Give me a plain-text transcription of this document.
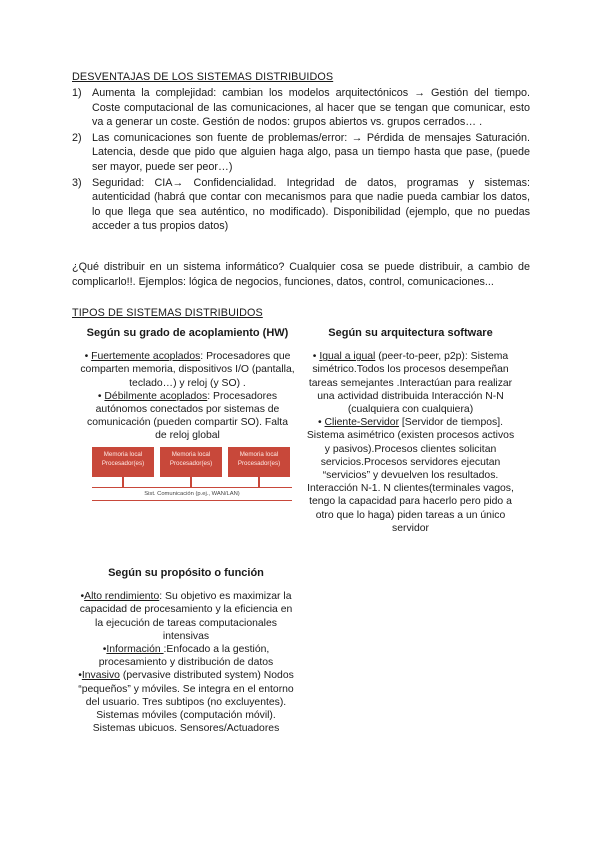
DESVENTAJAS DE LOS SISTEMAS DISTRIBUIDOS
1) Aumenta la complejidad: cambian los modelos arquitectónicos → Gestión del tiempo. Coste computacional de las comunicaciones, al hacer que se tengan que comunicar, esto va a generar un coste. Gestión de nodos: grupos abiertos vs. grupos cerrados… .
2) Las comunicaciones son fuente de problemas/error: → Pérdida de mensajes Saturación. Latencia, desde que pido que alguien haga algo, pasa un tiempo hasta que pase, (puede ser mayor, puede ser peor…)
3) Seguridad: CIA→ Confidencialidad. Integridad de datos, programas y sistemas: autenticidad (habrá que contar con mecanismos para que nadie pueda cambiar los datos, lo que llega que sea auténtico, no modificado). Disponibilidad (ejemplo, que no puedas acceder a tus propios datos)

¿Qué distribuir en un sistema informático? Cualquier cosa se puede distribuir, a cambio de complicarlo!!. Ejemplos: lógica de negocios, funciones, datos, control, comunicaciones...

TIPOS DE SISTEMAS DISTRIBUIDOS
Según su grado de acoplamiento (HW)
• Fuertemente acoplados: Procesadores que comparten memoria, dispositivos I/O (pantalla, teclado…) y reloj (y SO) .
• Débilmente acoplados: Procesadores autónomos conectados por sistemas de comunicación (pueden compartir SO). Falta de reloj global
Memoria local
Procesador(es)
Memoria local
Procesador(es)
Memoria local
Procesador(es)
Sist. Comunicación (p.ej., WAN/LAN)
Según su arquitectura software
• Igual a igual (peer-to-peer, p2p): Sistema simétrico.Todos los procesos desempeñan tareas semejantes .Interactúan para realizar una actividad distribuida Interacción N-N (cualquiera con cualquiera)
• Cliente-Servidor [Servidor de tiempos]. Sistema asimétrico (existen procesos activos y pasivos).Procesos clientes solicitan servicios.Procesos servidores ejecutan “servicios” y devuelven los resultados. Interacción N-1. N clientes(terminales vagos, tengo la capacidad para hacerlo pero pido a otro que lo haga) piden tareas a un único servidor
Según su propósito o función
•Alto rendimiento: Su objetivo es maximizar la capacidad de procesamiento y la eficiencia en la ejecución de tareas computacionales intensivas
•Información :Enfocado a la gestión, procesamiento y distribución de datos
•Invasivo (pervasive distributed system) Nodos “pequeños” y móviles. Se integra en el entorno del usuario. Tres subtipos (no excluyentes). Sistemas móviles (computación móvil). Sistemas ubicuos. Sensores/Actuadores
